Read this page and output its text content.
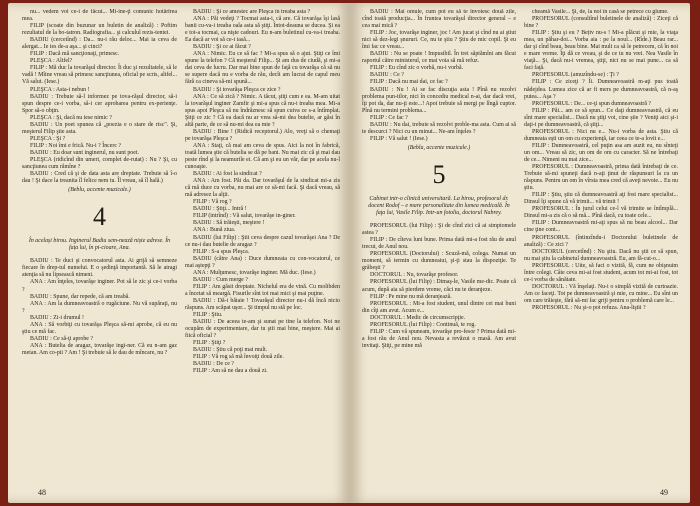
nu... vedem voi ce-i de făcut... Mi-ine-ţi comunic hotărîrea mea.

FILIP (scoate din buzunar un buletin de analiză) : Poftim rezultatul de la bo-tatron. Radiografia... şi calculul rezis-tentei.

BADIU (cercetînd) : Da... nu-i rău deloc... Mai ia ceva de alergat... Ie ies de-a aşa... şi cinci?

FILIP : Dacă mă sancţionaţi, primesc.

PLEŞCA : Altfel?

FILIP : Mă duc la tovarăşul director. Îi duc şi rezultatele, să le vadă ! Mîine vreau să primesc sancţiunea, oficial pe scris, altfel... Vă salut. (Iese.)

PLEŞCA : Asta-i nebun !

BADIU : Trebuie să-l informez pe tova-răşul director, să-i spun despre ce-i vorba, să-i cer aprobarea pentru ex-perienţe. Spor să-o obţin.

PLEŞCA : Şi, dacă nu iese nimic ?

BADIU : Un poet spunea că „poezia e o stare de risc". Şi, meşterul Filip ştie asta.

PLEŞCA : Şi ?

FILIP : Noi îmi e frică. Nu-i ? Încerc ?

BADIU : Eu doar sunt inginerul, nu sunt poet.

PLEŞCA (ridicînd din umeri, complet de-rutat) : Nu ? Şi, cu sancţiunea cum rămîne ?

BADIU : Cred că şi de data asta are dreptate. Trebuie să î-o dau ! Şi dace la treanita îl felice nem tu. Îl vreau, să îl hală.)

(Beblu, accente muzicale.)

4

În același birou. Inginerul Badiu sem-nează niște adrese. În fața lui, în pi-cioare, Ana.

BADIU : Te duci şi convocatorul asta. Ai grijă să semneze fiecare în drep-tul numelui. E o şedinţă importantă. Să le atragi atenţia să nu lipsească nimeni.

ANA : Am înţeles, tovarăşe inginer. Pot să le zic şi ce-i vorba ?

BADIU : Spune, dar repede, că am treabă.

ANA : Am la dumneavoastră o rugăciune. Nu vă supăraţi, nu ?

BADIU : Zi-i drumul !

ANA : Să vorbiţi cu tovarăşa Pleşca să-mi aprobe, că eu nu ştiu ce mă fac.

BADIU : Ce să-ţi aprobe ?

ANA : Butelia de aragaz, tovarăşe ingi-ner. Că eu n-am gaz metan. Am co-pii ? Am ! Şi trebuie să le dau de mîncare, nu ?

BADIU : Şi ce amestec are Pleşca în treaba asta ?

ANA : Păi vedeţi ? Tocmai asta-i, că are. Că tovarăşa îşi lasă banii cu-va-i treaba oala asta să ştiţi. Întot-deauna se ducea. Şi ea e tot-a tocmai, ca nişte cadouri. Eu n-am buletinul cu-va-i treaba. Ea dacă ar voi să ce-i iasă...

BADIU : Şi ce ai făcut ?

ANA : Nimic. Eu ce să fac ? Mi-a spus să o ajut. Ştiţi ce îmi spune la telefon ? Că meşterul Filip... Şi am dus de ciudă, şi mi-a dat ceva de lucru. Dar mai bine spun de faţă cu tovarăşa că să nu se supere dacă nu e vorba de rău, decît am lucrat de capul meu fără ca cineva să-mi spună...

BADIU : Şi tovarăşa Pleşca ce zice ?

ANA : Ce să zică ? Nimic. A tăcut, ştiţi cum e ea. M-am uitat la tovarăşul inginer Zamfir şi mi-a spus că nu-i treaba mea. Mi-a spus apoi Pleşca să nu îndrăznesc să spun cuiva ce s-a întîmplat. Ştiţi ce zic ? Că ea dacă nu ar vrea să-mi dea butelie, ar găsi în altă parte, de ce să nu-mi dea ea mie ?

BADIU : Bine ! (Ridică receptorul.) Alo, vreţi să o chemaţi pe tovarăşa Pleşca ?

ANA : Staţi, că mai am ceva de spus. Aici la noi în fabrică, toată lumea ştie că butelia se dă pe bani. Nu mai zic că şi mai dau peste rînd şi la neamurile ei. Că am şi eu un văr, dar pe acela nu-l cunoaşte.

BADIU : Ai fost la sindicat ?

ANA : Am fost. Păi da. Dar tovarăşul de la sindicat mi-a zis că mă duce cu vorba, nu mai are ce să-mi facă. Şi dacă vreau, să mă adresez la alţii.

FILIP : Vă rog ?

BADIU : Ştiţi... Intră !

FILIP (intrînd) : Vă salut, tovarăşe in-giner.

BADIU : Să trăieşti, meştere !

ANA : Bună ziua.

BADIU (lui Filip) : Ştii ceva despre cazul tovarăşei Ana ? De ce nu-i dau butelie de aragaz ?

FILIP : S-a spus Pleşca.

BADIU (către Ana) : Duce dumneata cu con-vocatorul, ce mai aştepţi ?

ANA : Mulţumesc, tovarăşe inginer. Mă duc. (Iese.)

BADIU : Cum merge ?

FILIP : Am găsit dreptate. Nichelul era de vină. Cu molibden a încetat să meargă. Fisurile sînt tot mai mici şi mai puţine.

BADIU : Dă-i bătaie ! Tovarăşul director nu-i dă încă nicio răspuns. Am scăpat uşor... Şi timpul nu stă pe loc.

FILIP : Ştiu.

BADIU : De aceea te-am şi sunat pe tine la telefon. Noi ne ocupăm de experimentare, dar tu ştii mai bine, meştere. Mai ai fiică oficial ?

FILIP : Ştiţi ?

BADIU : Ştiu că poţi mai mult.

FILIP : Vă rog să mă învoiţi două zile.

BADIU : De ce ?

FILIP : Am să ne dau a două zi.

48

BADIU : Mai omule, cum pot eu să te învoiesc două zile, cînd toată producţia... În fruntea tovarăşul director general – e cea mai mică ?

FILIP : Joc, tovarăşe inginer, joc ! Am jucat şi cînd nu ai ştiut nici să dez-legi şnururi. Ce, nu te ştiu ? Ştiu de mic copil. Şi eu îmi fac ce vreau...

BADIU : Nu se poate ! Impusibil. În trei săptămîni am făcut raportul către ministerul, ce mai voia să mă refuz.

FILIP : Eu cînd zic o vorbă, nu-i vorbă.

BADIU : Ce ?

FILIP : Dacă nu mai dai, ce fac ?

BADIU : Nu ! Ai se fac discuţia asta ! Pînă nu rezolvi problema pun-tilor, nici în concediu medical n-ai, dar dacă vrei, îţi pot da, dar nu-ţi este...! Apoi trebuie să mergi pe lîngă cuptor. Pînă nu termini problema...

FILIP : Ce fac ?

BADIU : Nu dai, trebuie să rezolvi proble-ma asta. Cum ai să te descurci ? Nici cu un minut... Ne-am înţeles ?

FILIP : Vă salut ! (Iese.)

(Beblu, accente muzicale.)

5

Cabinet intr-o clinică universitară. La birou, profesorul dr. docent Rodof – e mare personalitate din lumea medicală. În faţa lui, Vasile Filip. Intr-un fotoliu, doctorul Nabrey.

PROFESORUL (lui Filip) : Şi de cînd zici că ai simptomele astea ?

FILIP : De cîteva luni bune. Prima dată mi-a fost rău de anul trecut, de Anul nou.

PROFESORUL (Doctorului) : Scuză-mă, colega. Numai un moment, să termin cu dumneaiui, şi-ţi stau la dispoziţie. Te grăbeşti ?

DOCTORUL : Nu, tovarăşe profesor.

PROFESORUL (lui Filip) : Dimaş-le, Vasile me-dic. Poate că acum, după aia să pierdem vreme, căci nu te deranjeze.

FILIP : Pe mine nu mă deranjează.

PROFESORUL : Mi-a fost student, unul dintre cei mai buni din cîţi am avut. Acum e...

DOCTORUL : Medic de circumscripţie.

PROFESORUL (lui Filip) : Continuă, te rog.

FILIP : Cum vă spuneam, tovarăşe pro-fesor ? Prima dată mi-a fost rău de Anul nou. Nevasta a revăzut o masă. Am avut invitaţi. Ştiţi, pe mine mă

cheamă Vasile... Şi, de, la noi în casă se petrece cu glume.

PROFESORUL (consultînd buletinele de analiză) : Ziceţi că bine ?

FILIP : Ştiu şi eu ? Bețiv nu-s ! Mi-a plăcut şi mie, la viaţa mea, un păhar-doi... Vorba aia : pe la noul... (Rîde.) Beau rar... dar şi cînd beau, beau bine. Mai mult ca să le petrecem, că în noi e mare vreme. Îţi dă ce vreau, şi de ce tu nu vrei. Nea Vasile în viaţă... Şi, dacă nu-i vremea, ştiţi, nici nu se mai pune... ca să faci faţă.

PROFESORUL (amuzîndu-se) : Ţi ?

FILIP : Ce ziceţi ? Îi. Dumneavoastră m-aţi pus toată nădejdea. Lumea zice că ar fi mers pe dumneavoastră, că n-aş putea... Aşa ?

PROFESORUL : De... ce-ţi spun dumneavoastră ?

FILIP : Păi... am ce să spun... Ce daţi dumneavoastră, că eu sînt mare specialist... Dacă nu ştiţi voi, cine ştie ? Veniţi aici şi-i daţi-i pe dumneavoastră, că ştiţi...

PROFESORUL : Nici nu e... Nu-i vorba de asta. Ştiu că dumneata eşti un om cu experienţă, iar ceea ce te-a lovit e...

FILIP : Dumneavoastră, cel puţin asa am auzit eu, nu sînteţi un om... Vreau să zic, un om de om cu caracter. Să ne întrebaţi de ce... Nimeni nu mai zice...

PROFESORUL : Dumneavoastră, prima dată întrebaţi de ce. Trebuie să-mi spuneţi dacă n-aţi ţinut de răspunsuri la cu un răspuns. Pentru un om în vîrsta mea cred că aveţi nevoie... Eu nu ştiu.

FILIP : Ştiu, ştiu că dumneavoastră aţi fost mare specialist... Dinsul îţi spune că vă trimit... vă trimit !

PROFESORUL : În jurul celui ce-l vă trimite se întîmplă... Dinsul mi-a zis că o să mă... Pînă dacă, cu toate cele...

FILIP : Dumneavoastră mi-aţi spus să nu beau alcool... Dar cine ţine cont...

PROFESORUL (întinzîndu-i Doctorului buletinele de analiză) : Ce zici ?

DOCTORUL (cercetînd) : Nu ştiu. Dacă nu ştii ce să spun, nu mai ştiu la cabinetul dumneavoastră. Eu, am fă-cut-o...

PROFESORUL : Uite, să faci o vizită, fă, cum ne obişnuim între colegi. Câte ceva mi-ai fost student, acum tot mi-ai fost, tot ce-i vorba de sănătate.

DOCTORUL : Vă înşelaţi. Nu-i o simplă vizită de curtoazie. Am ce faceţi. Tot pe dumneavoastră şi mie, cu mine... Eu sînt un om care trăieşte, fără să-mi fac griji pentru o problemă care le...

PROFESORUL : Nu şi-o pot refuza. Ana-liştii ?

49
